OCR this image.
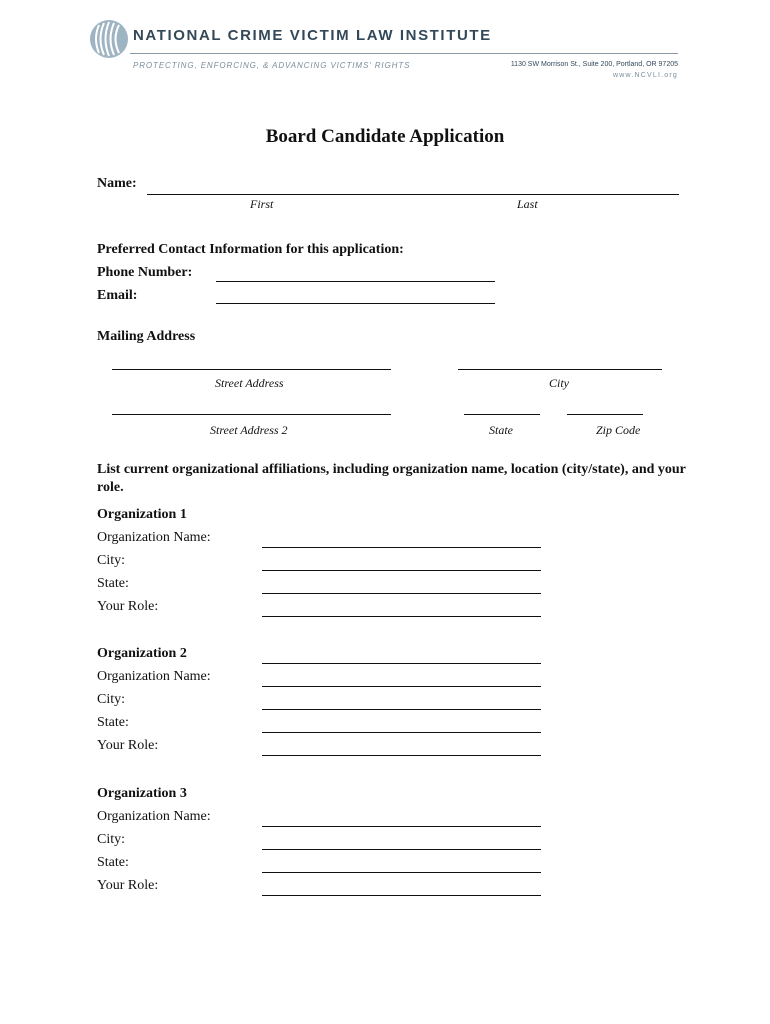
NATIONAL CRIME VICTIM LAW INSTITUTE
PROTECTING, ENFORCING, & ADVANCING VICTIMS' RIGHTS	1130 SW Morrison St., Suite 200, Portland, OR 97205
www.NCVLI.org
Board Candidate Application
Name:
First	Last
Preferred Contact Information for this application:
Phone Number:
Email:
Mailing Address
Street Address	City
Street Address 2	State	Zip Code
List current organizational affiliations, including organization name, location (city/state), and your role.
Organization 1
Organization Name:
City:
State:
Your Role:
Organization 2
Organization Name:
City:
State:
Your Role:
Organization 3
Organization Name:
City:
State:
Your Role:
